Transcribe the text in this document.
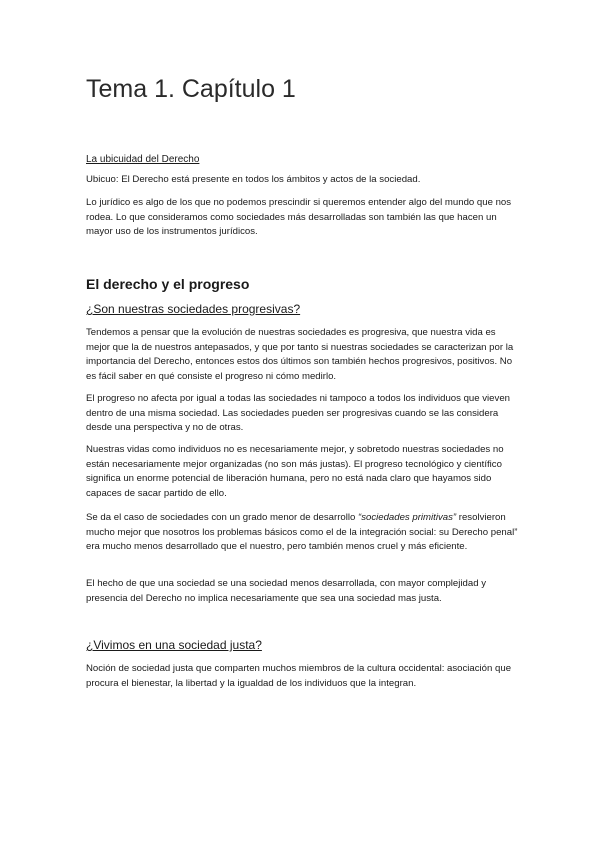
Tema 1. Capítulo 1

La ubicuidad del Derecho

Ubicuo: El Derecho está presente en todos los ámbitos y actos de la sociedad.

Lo jurídico es algo de los que no podemos prescindir si queremos entender algo del mundo que nos rodea. Lo que consideramos como sociedades más desarrolladas son también las que hacen un mayor uso de los instrumentos jurídicos.

El derecho y el progreso

¿Son nuestras sociedades progresivas?

Tendemos a pensar que la evolución de nuestras sociedades es progresiva, que nuestra vida es mejor que la de nuestros antepasados, y que por tanto si nuestras sociedades se caracterizan por la importancia del Derecho, entonces estos dos últimos son también hechos progresivos, positivos. No es fácil saber en qué consiste el progreso ni cómo medirlo.

El progreso no afecta por igual a todas las sociedades ni tampoco a todos los individuos que vieven dentro de una misma sociedad. Las sociedades pueden ser progresivas cuando se las considera desde una perspectiva y no de otras.

Nuestras vidas como individuos no es necesariamente mejor, y sobretodo nuestras sociedades no están necesariamente mejor organizadas (no son más justas). El progreso tecnológico y científico significa un enorme potencial de liberación humana, pero no está nada claro que hayamos sido capaces de sacar partido de ello.

Se da el caso de sociedades con un grado menor de desarrollo “sociedades primitivas” resolvieron mucho mejor que nosotros los problemas básicos como el de la integración social: su Derecho penal” era mucho menos desarrollado que el nuestro, pero también menos cruel y más eficiente.

El hecho de que una sociedad se una sociedad menos desarrollada, con mayor complejidad y presencia del Derecho no implica necesariamente que sea una sociedad mas justa.

¿Vivimos en una sociedad justa?

Noción de sociedad justa que comparten muchos miembros de la cultura occidental: asociación que procura el bienestar, la libertad y la igualdad de los individuos que la integran.
